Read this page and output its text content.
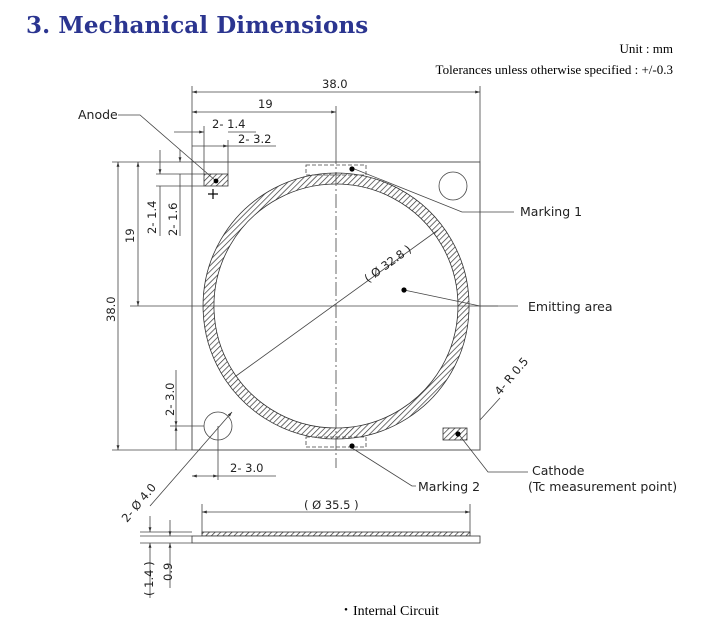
3. Mechanical Dimensions
Unit : mm
Tolerances unless otherwise specified : +/-0.3
38.0
19
2- 1.4
2- 3.2
38.0
19
2- 1.4 2- 1.6
2- 3.0
2- 3.0
2- Ø 4.0
( Ø 32.8 )
4- R 0.5
( Ø 35.5 )
( 1.4 ) 0.9
Anode
Marking 1
Emitting area
Cathode
(Tc measurement point)
Marking 2
・Internal Circuit
